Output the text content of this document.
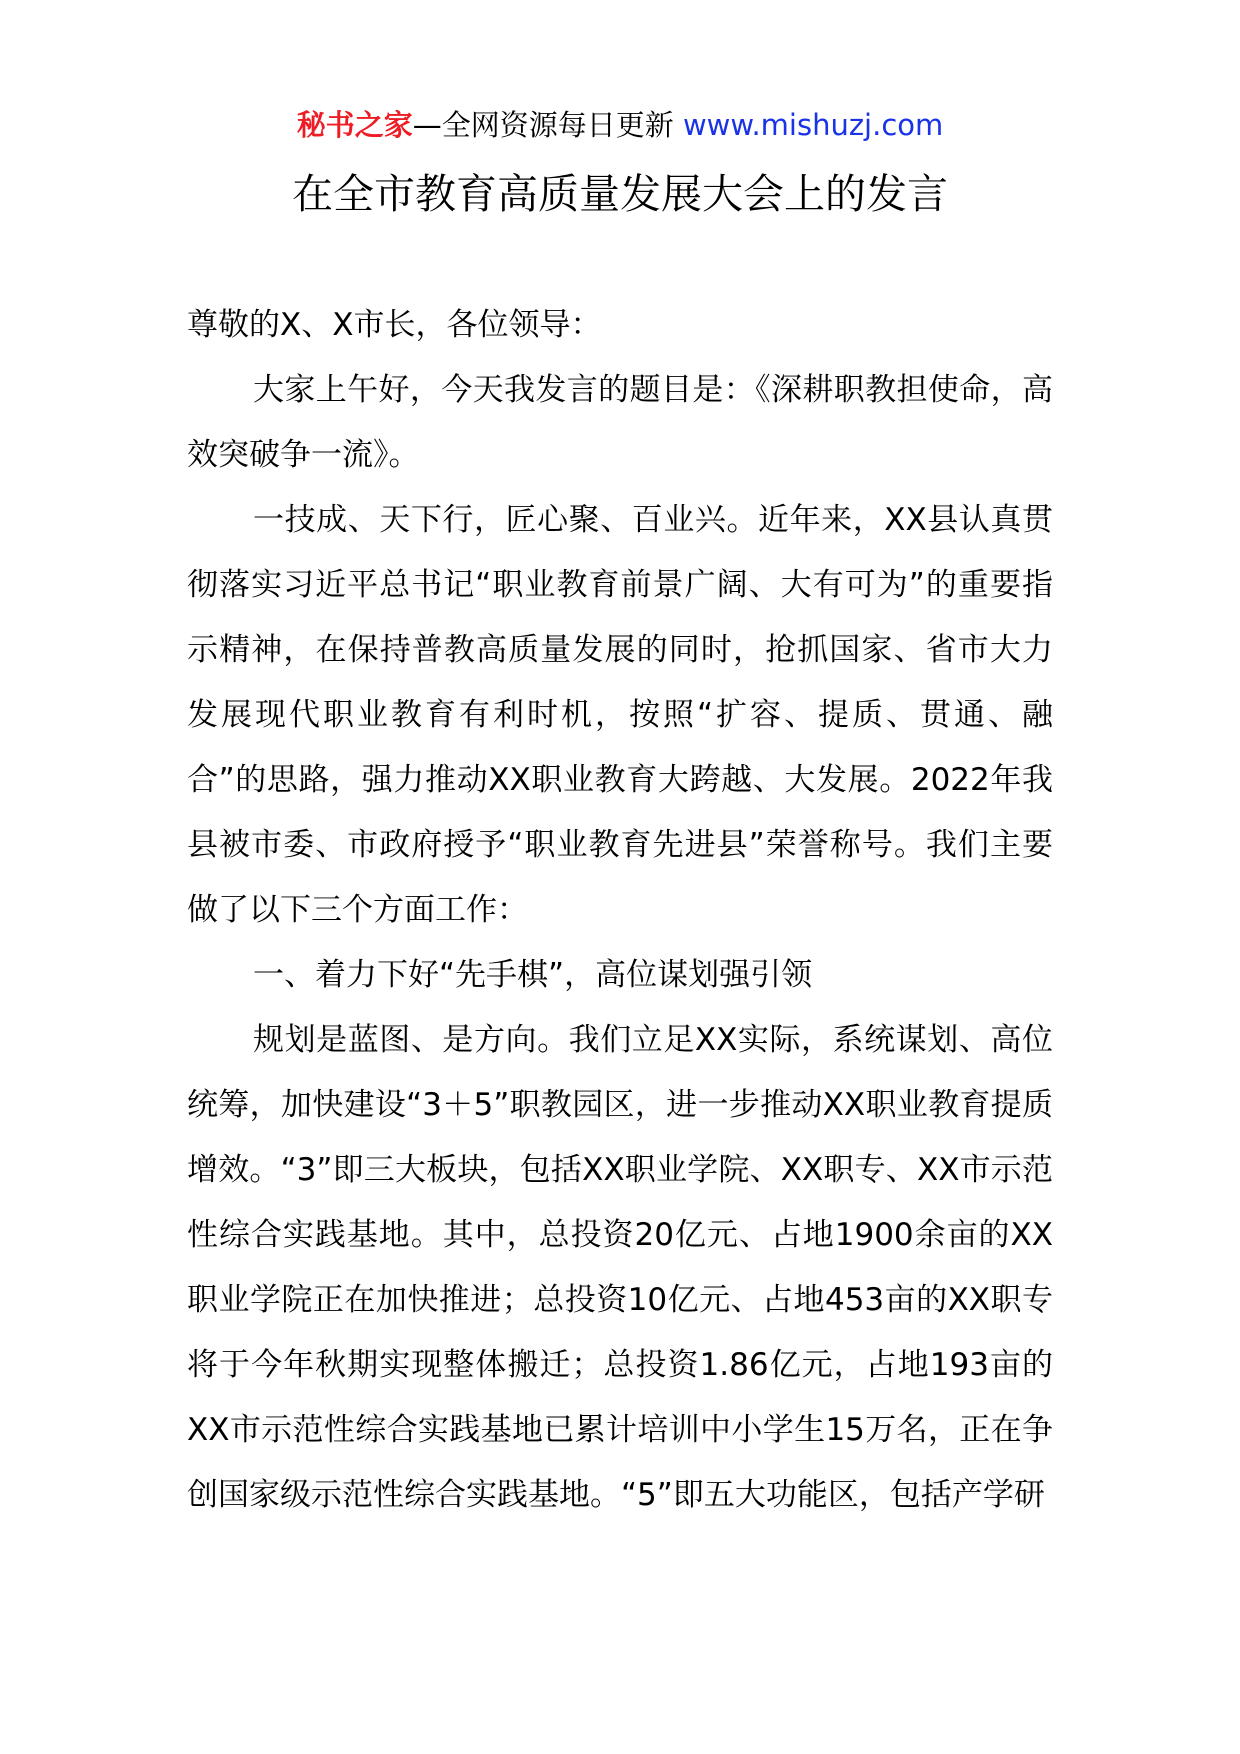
秘书之家—全网资源每日更新 www.mishuzj.com
在全市教育高质量发展大会上的发言

尊敬的X、X市长，各位领导：

大家上午好，今天我发言的题目是：《深耕职教担使命，高效突破争一流》。

一技成、天下行，匠心聚、百业兴。近年来，XX县认真贯彻落实习近平总书记“职业教育前景广阔、大有可为”的重要指示精神，在保持普教高质量发展的同时，抢抓国家、省市大力发展现代职业教育有利时机，按照“扩容、提质、贯通、融合”的思路，强力推动XX职业教育大跨越、大发展。2022年我县被市委、市政府授予“职业教育先进县”荣誉称号。我们主要做了以下三个方面工作：

一、着力下好“先手棋”，高位谋划强引领

规划是蓝图、是方向。我们立足XX实际，系统谋划、高位统筹，加快建设“3＋5”职教园区，进一步推动XX职业教育提质增效。“3”即三大板块，包括XX职业学院、XX职专、XX市示范性综合实践基地。其中，总投资20亿元、占地1900余亩的XX职业学院正在加快推进；总投资10亿元、占地453亩的XX职专将于今年秋期实现整体搬迁；总投资1.86亿元，占地193亩的XX市示范性综合实践基地已累计培训中小学生15万名，正在争创国家级示范性综合实践基地。“5”即五大功能区，包括产学研
